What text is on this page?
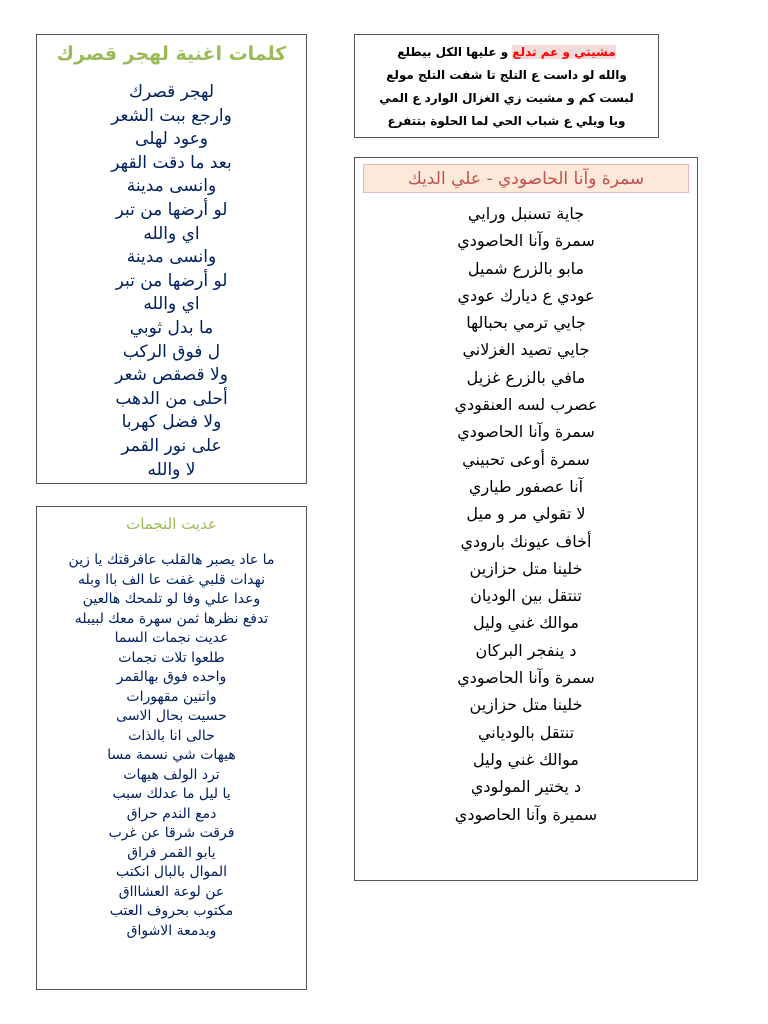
كلمات اغنية لهجر قصرك
لهجر قصرك
وارجع ببت الشعر
وعود لهلى
بعد ما دقت القهر
وانسى مدينة
لو أرضها من تبر
اي والله
وانسى مدينة
لو أرضها من تبر
اي والله
ما بدل ثوبي
ل فوق الركب
ولا قصقص شعر
أحلى من الدهب
ولا فضل كهربا
على نور القمر
لا والله
عديت النجمات
ما عاد يصبر هالقلب عافرقتك يا زين
نهدات قلبي غفت عا الف باا وبله
وعدا علي وفا لو تلمحك هالعين
تدفع نظرها ثمن سهرة معك لبيبله
عديت نجمات السما
طلعوا تلات نجمات
واحده فوق بهالقمر
واتنين مقهورات
حسيت بحال الاسى
حالى انا بالذات
هيهات شي نسمة مسا
ترد الولف هيهات
يا ليل ما عدلك سبب
دمع الندم حراق
فرقت شرقا عن غرب
يابو القمر فراق
الموال بالبال انكتب
عن لوعة العشاااق
مكتوب بحروف العتب
وبدمعة الاشواق
مشيتي و عم تدلع و عليها الكل بيطلع
والله لو داست ع التلج تا شفت التلج مولع
لبست كم و مشيت زي الغزال الوارد ع المي
ويا ويلي ع شباب الحي لما الحلوة بتتفرع
سمرة وآنا الحاصودي - علي الديك
جاية تسنبل ورايي
سمرة وآنا الحاصودي
مابو بالزرع شميل
عودي ع ديارك عودي
جايي ترمي بحبالها
جايي تصيد الغزلاني
مافي بالزرع غزيل
عصرب لسه العنقودي
سمرة وآنا الحاصودي
سمرة أوعى تحبيني
آنا عصفور طياري
لا تقولي مر و ميل
أخاف عيونك بارودي
خلينا متل حزازين
تنتقل بين الوديان
موالك غني وليل
د ينفجر البركان
سمرة وآنا الحاصودي
خلينا متل حزازين
تنتقل بالودياني
موالك غني وليل
د يختير المولودي
سميرة وآنا الحاصودي
